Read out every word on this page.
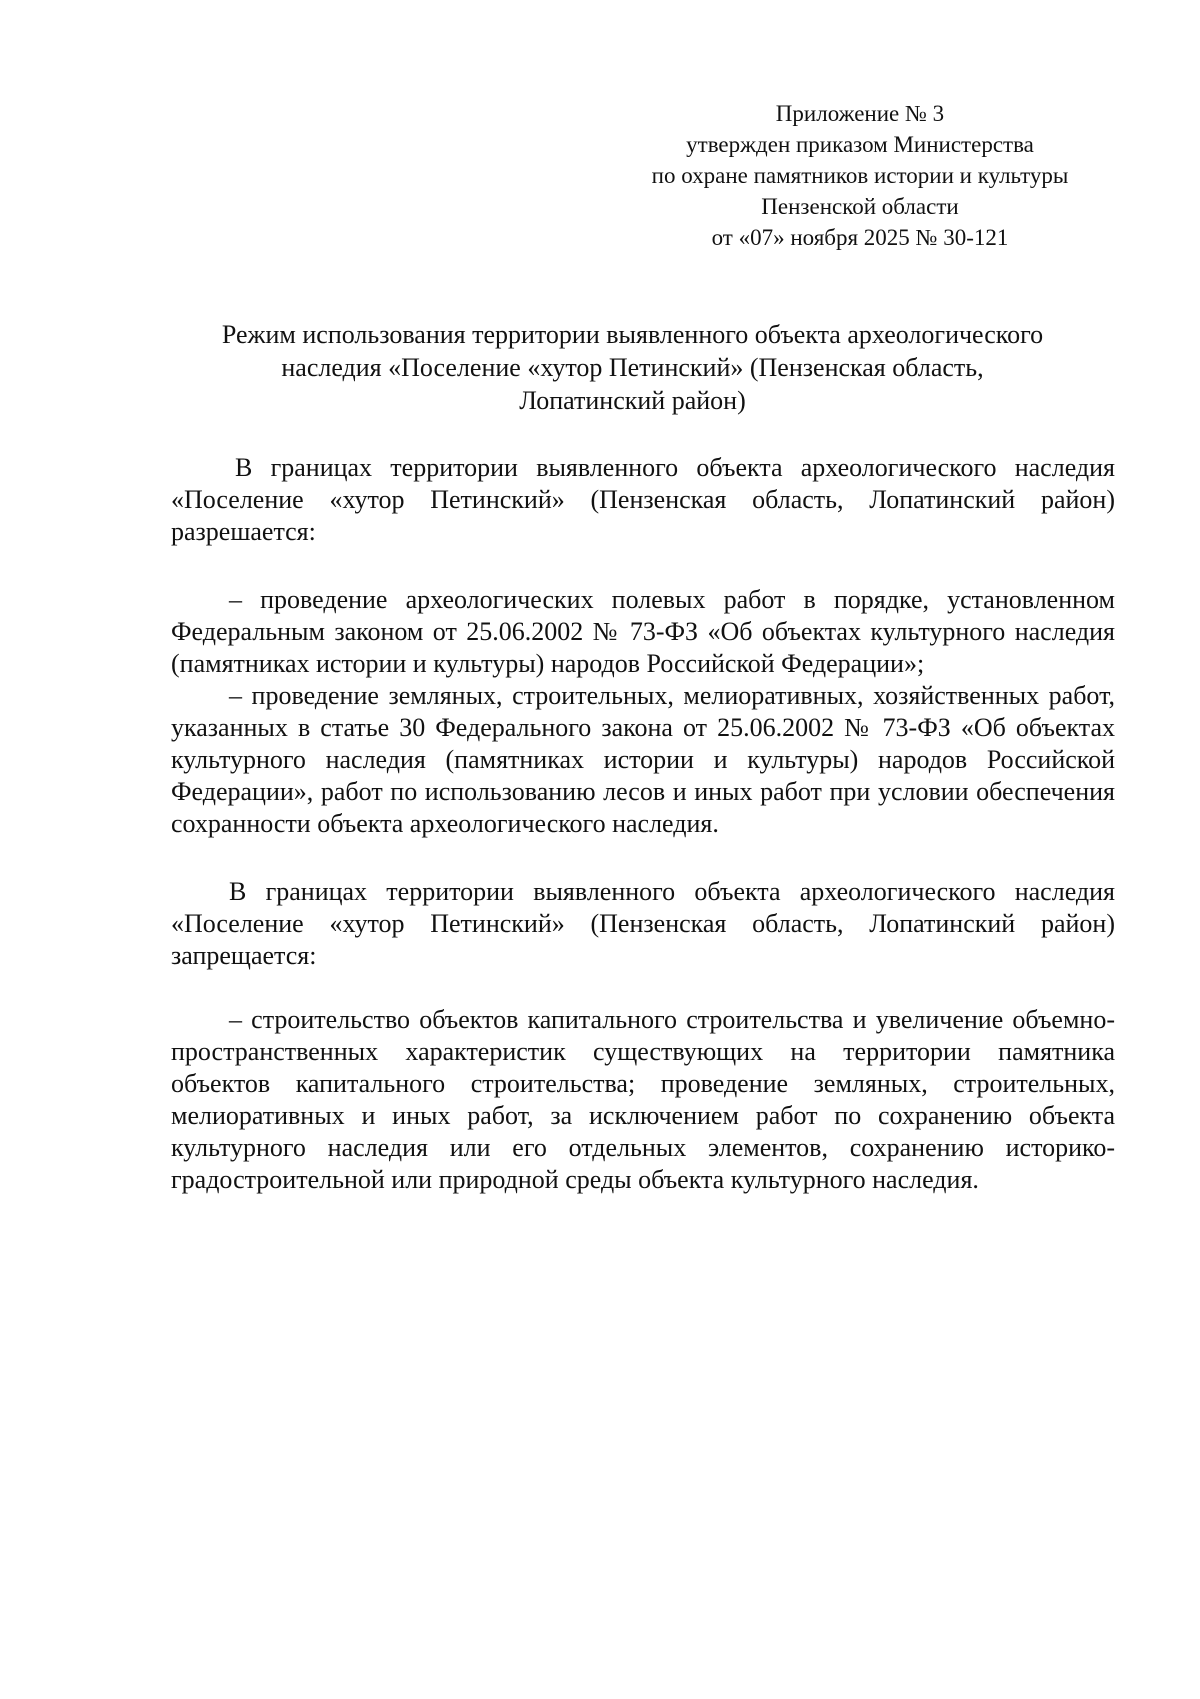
Приложение № 3
утвержден приказом Министерства
по охране памятников истории и культуры
Пензенской области
от «07» ноября 2025 № 30-121
Режим использования территории выявленного объекта археологического
наследия «Поселение «хутор Петинский» (Пензенская область,
Лопатинский район)

В границах территории выявленного объекта археологического наследия «Поселение «хутор Петинский» (Пензенская область, Лопатинский район) разрешается:

– проведение археологических полевых работ в порядке, установленном Федеральным законом от 25.06.2002 № 73-ФЗ «Об объектах культурного наследия (памятниках истории и культуры) народов Российской Федерации»;

– проведение земляных, строительных, мелиоративных, хозяйственных работ, указанных в статье 30 Федерального закона от 25.06.2002 № 73-ФЗ «Об объектах культурного наследия (памятниках истории и культуры) народов Российской Федерации», работ по использованию лесов и иных работ при условии обеспечения сохранности объекта археологического наследия.

В границах территории выявленного объекта археологического наследия «Поселение «хутор Петинский» (Пензенская область, Лопатинский район) запрещается:

– строительство объектов капитального строительства и увеличение объемно-пространственных характеристик существующих на территории памятника объектов капитального строительства; проведение земляных, строительных, мелиоративных и иных работ, за исключением работ по сохранению объекта культурного наследия или его отдельных элементов, сохранению историко-градостроительной или природной среды объекта культурного наследия.
